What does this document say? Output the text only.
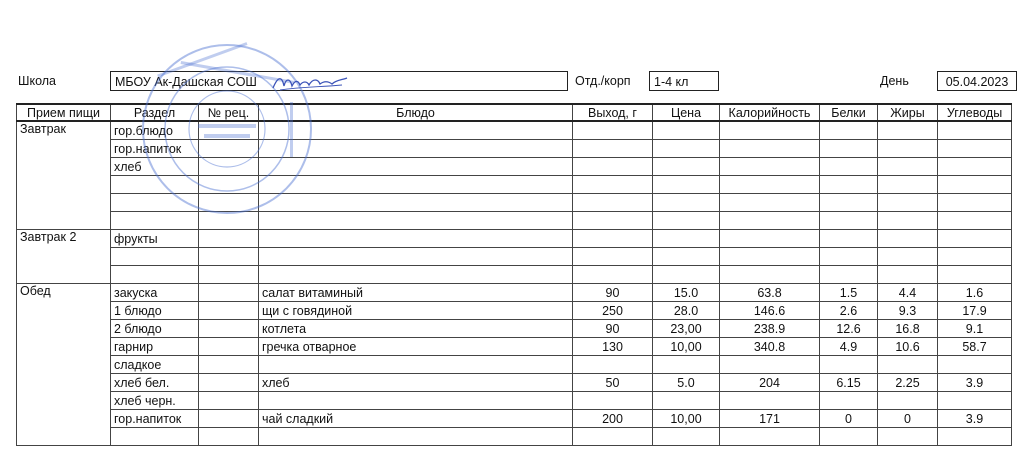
Школа	МБОУ Ак-Дашская СОШ	Отд./корп	1-4 кл	День	05.04.2023
Прием пищи	Раздел	№ рец.	Блюдо	Выход, г	Цена	Калорийность	Белки	Жиры	Углеводы
Завтрак	гор.блюдо								
	гор.напиток								
	хлеб								

Завтрак 2	фрукты								

Обед	закуска		салат витаминый	90	15.0	63.8	1.5	4.4	1.6
	1 блюдо		щи с говядиной	250	28.0	146.6	2.6	9.3	17.9
	2 блюдо		котлета	90	23,00	238.9	12.6	16.8	9.1
	гарнир		гречка отварное	130	10,00	340.8	4.9	10.6	58.7
	сладкое								
	хлеб бел.		хлеб	50	5.0	204	6.15	2.25	3.9
	хлеб черн.								
	гор.напиток		чай сладкий	200	10,00	171	0	0	3.9
